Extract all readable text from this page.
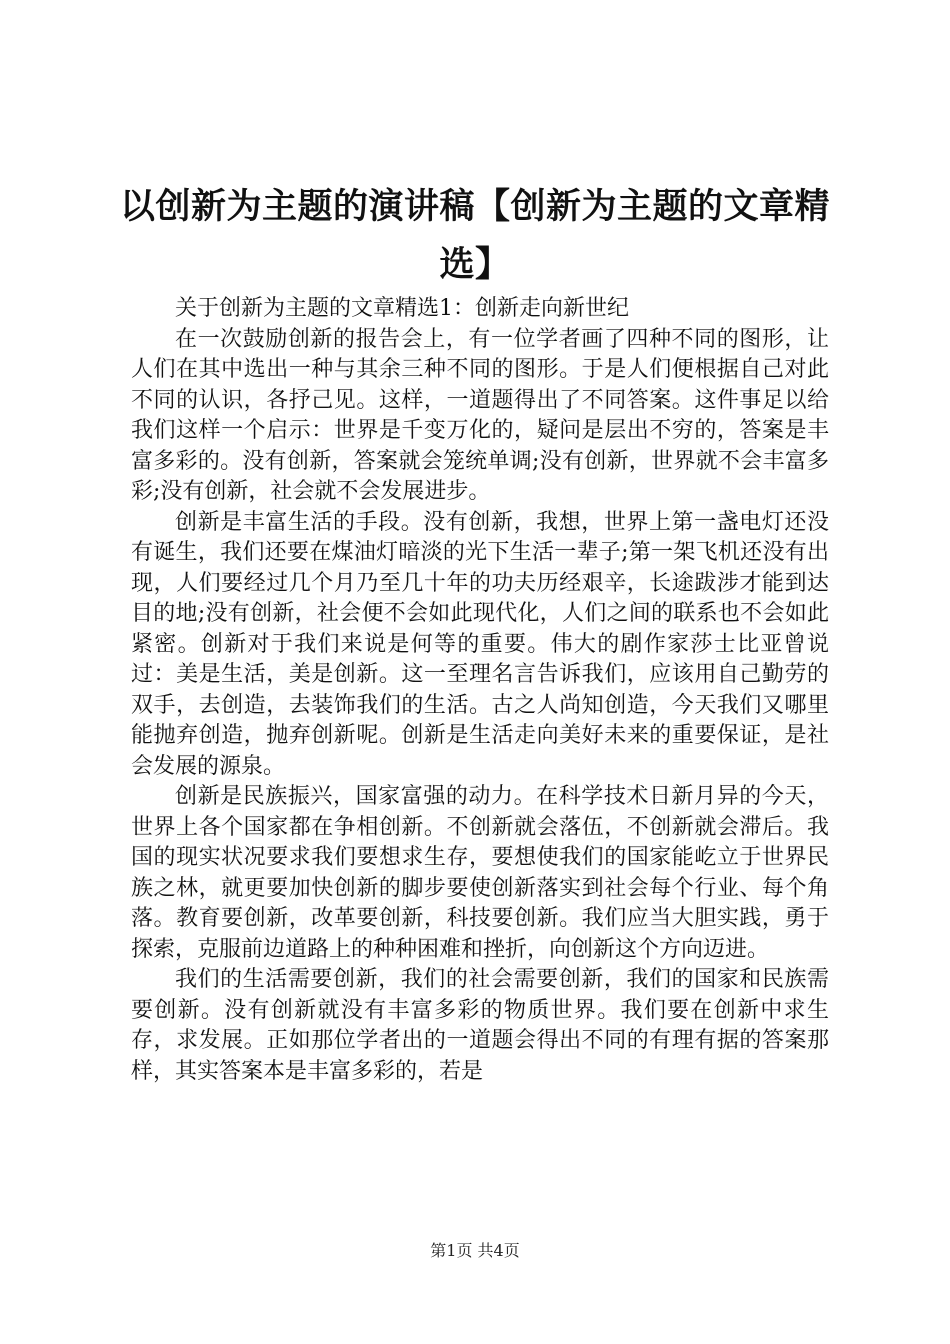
以创新为主题的演讲稿【创新为主题的文章精选】

关于创新为主题的文章精选1：创新走向新世纪

在一次鼓励创新的报告会上，有一位学者画了四种不同的图形，让人们在其中选出一种与其余三种不同的图形。于是人们便根据自己对此不同的认识，各抒己见。这样，一道题得出了不同答案。这件事足以给我们这样一个启示：世界是千变万化的，疑问是层出不穷的，答案是丰富多彩的。没有创新，答案就会笼统单调;没有创新，世界就不会丰富多彩;没有创新，社会就不会发展进步。

创新是丰富生活的手段。没有创新，我想，世界上第一盏电灯还没有诞生，我们还要在煤油灯暗淡的光下生活一辈子;第一架飞机还没有出现，人们要经过几个月乃至几十年的功夫历经艰辛，长途跋涉才能到达目的地;没有创新，社会便不会如此现代化，人们之间的联系也不会如此紧密。创新对于我们来说是何等的重要。伟大的剧作家莎士比亚曾说过：美是生活，美是创新。这一至理名言告诉我们，应该用自己勤劳的双手，去创造，去装饰我们的生活。古之人尚知创造，今天我们又哪里能抛弃创造，抛弃创新呢。创新是生活走向美好未来的重要保证，是社会发展的源泉。

创新是民族振兴，国家富强的动力。在科学技术日新月异的今天，世界上各个国家都在争相创新。不创新就会落伍，不创新就会滞后。我国的现实状况要求我们要想求生存，要想使我们的国家能屹立于世界民族之林，就更要加快创新的脚步要使创新落实到社会每个行业、每个角落。教育要创新，改革要创新，科技要创新。我们应当大胆实践，勇于探索，克服前边道路上的种种困难和挫折，向创新这个方向迈进。

我们的生活需要创新，我们的社会需要创新，我们的国家和民族需要创新。没有创新就没有丰富多彩的物质世界。我们要在创新中求生存，求发展。正如那位学者出的一道题会得出不同的有理有据的答案那样，其实答案本是丰富多彩的，若是

第1页 共4页
